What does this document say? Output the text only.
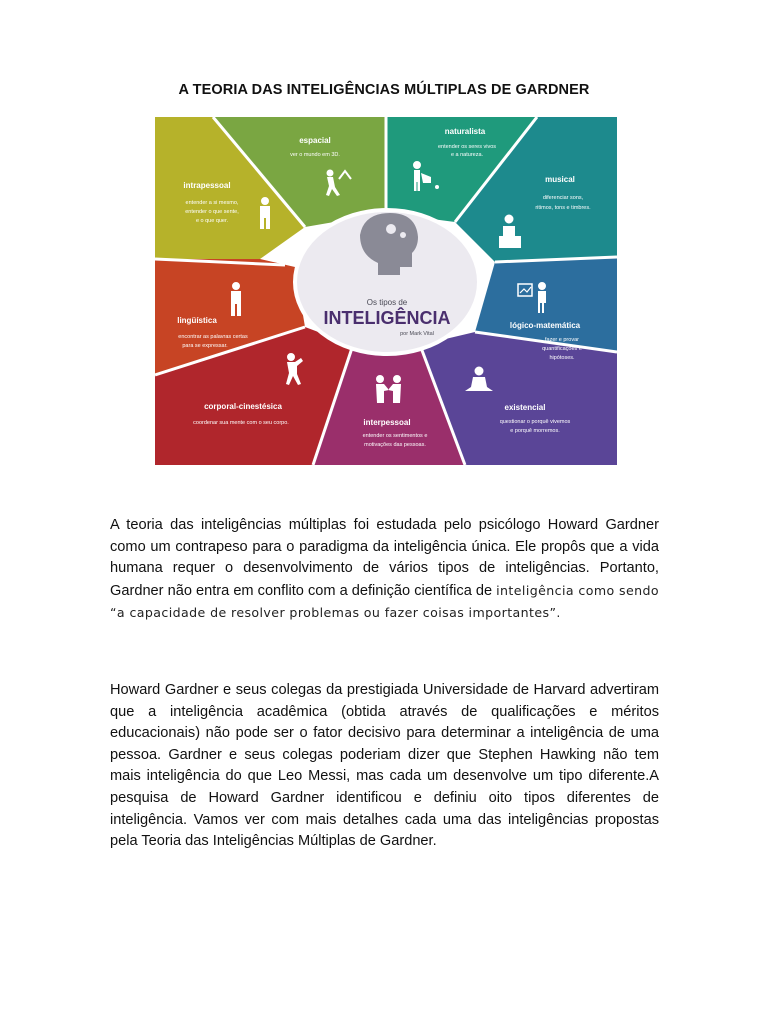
A TEORIA DAS INTELIGÊNCIAS MÚLTIPLAS DE GARDNER
Os tipos de
INTELIGÊNCIA
por Mark Vital
espacial
ver o mundo em 3D.
naturalista
entender os seres vivos
e a natureza.
musical
diferenciar sons,
ritimos, tons e timbres.
lógico-matemática
fazer e provar
quantificações e
hipótoses.
existencial
questionar o porquê vivemos
e porquê morremos.
interpessoal
entender os sentimentos e
motivações das pessoas.
corporal-cinestésica
coordenar sua mente com o seu corpo.
lingüística
encontrar as palavras certas
para se expressar.
intrapessoal
entender a si mesmo,
entender o que sente,
e o que quer.
A teoria das inteligências múltiplas foi estudada pelo psicólogo Howard Gardner como um contrapeso para o paradigma da inteligência única. Ele propôs que a vida humana requer o desenvolvimento de vários tipos de inteligências. Portanto, Gardner não entra em conflito com a definição científica de inteligência como sendo “a capacidade de resolver problemas ou fazer coisas importantes”.
Howard Gardner e seus colegas da prestigiada Universidade de Harvard advertiram que a inteligência acadêmica (obtida através de qualificações e méritos educacionais) não pode ser o fator decisivo para determinar a inteligência de uma pessoa. Gardner e seus colegas poderiam dizer que Stephen Hawking não tem mais inteligência do que Leo Messi, mas cada um desenvolve um tipo diferente.A pesquisa de Howard Gardner identificou e definiu oito tipos diferentes de inteligência. Vamos ver com mais detalhes cada uma das inteligências propostas pela Teoria das Inteligências Múltiplas de Gardner.
